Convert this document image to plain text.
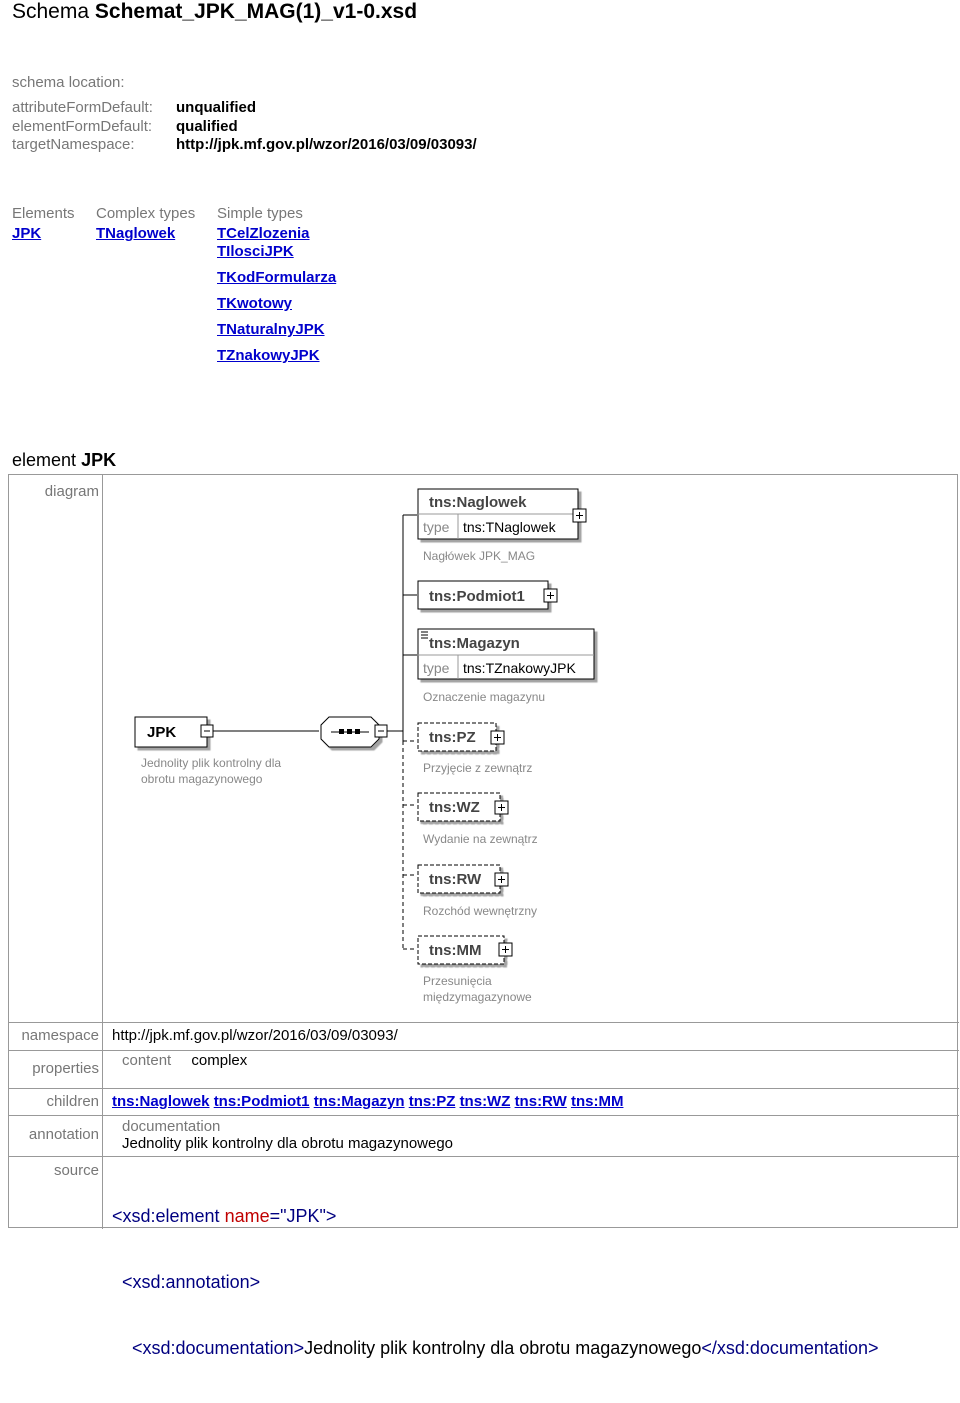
Schema Schemat_JPK_MAG(1)_v1-0.xsd
schema location:
attributeFormDefault:	unqualified
elementFormDefault:	qualified
targetNamespace:	http://jpk.mf.gov.pl/wzor/2016/03/09/03093/
Elements
JPK
Complex types
TNaglowek
Simple types
TCelZlozenia
TIlosciJPK
TKodFormularza
TKwotowy
TNaturalnyJPK
TZnakowyJPK
element JPK
diagram
JPK
Jednolity plik kontrolny dla
obrotu magazynowego
tns:Naglowek
type tns:TNaglowek
Nagłówek JPK_MAG
tns:Podmiot1
tns:Magazyn
type tns:TZnakowyJPK
Oznaczenie magazynu
tns:PZ
Przyjęcie z zewnątrz
tns:WZ
Wydanie na zewnątrz
tns:RW
Rozchód wewnętrzny
tns:MM
Przesunięcia
międzymagazynowe
namespace http://jpk.mf.gov.pl/wzor/2016/03/09/03093/
properties content complex
children tns:Naglowek tns:Podmiot1 tns:Magazyn tns:PZ tns:WZ tns:RW tns:MM
annotation documentation
Jednolity plik kontrolny dla obrotu magazynowego
source

<xsd:element name="JPK">

<xsd:annotation>

<xsd:documentation>Jednolity plik kontrolny dla obrotu magazynowego</xsd:documentation>
